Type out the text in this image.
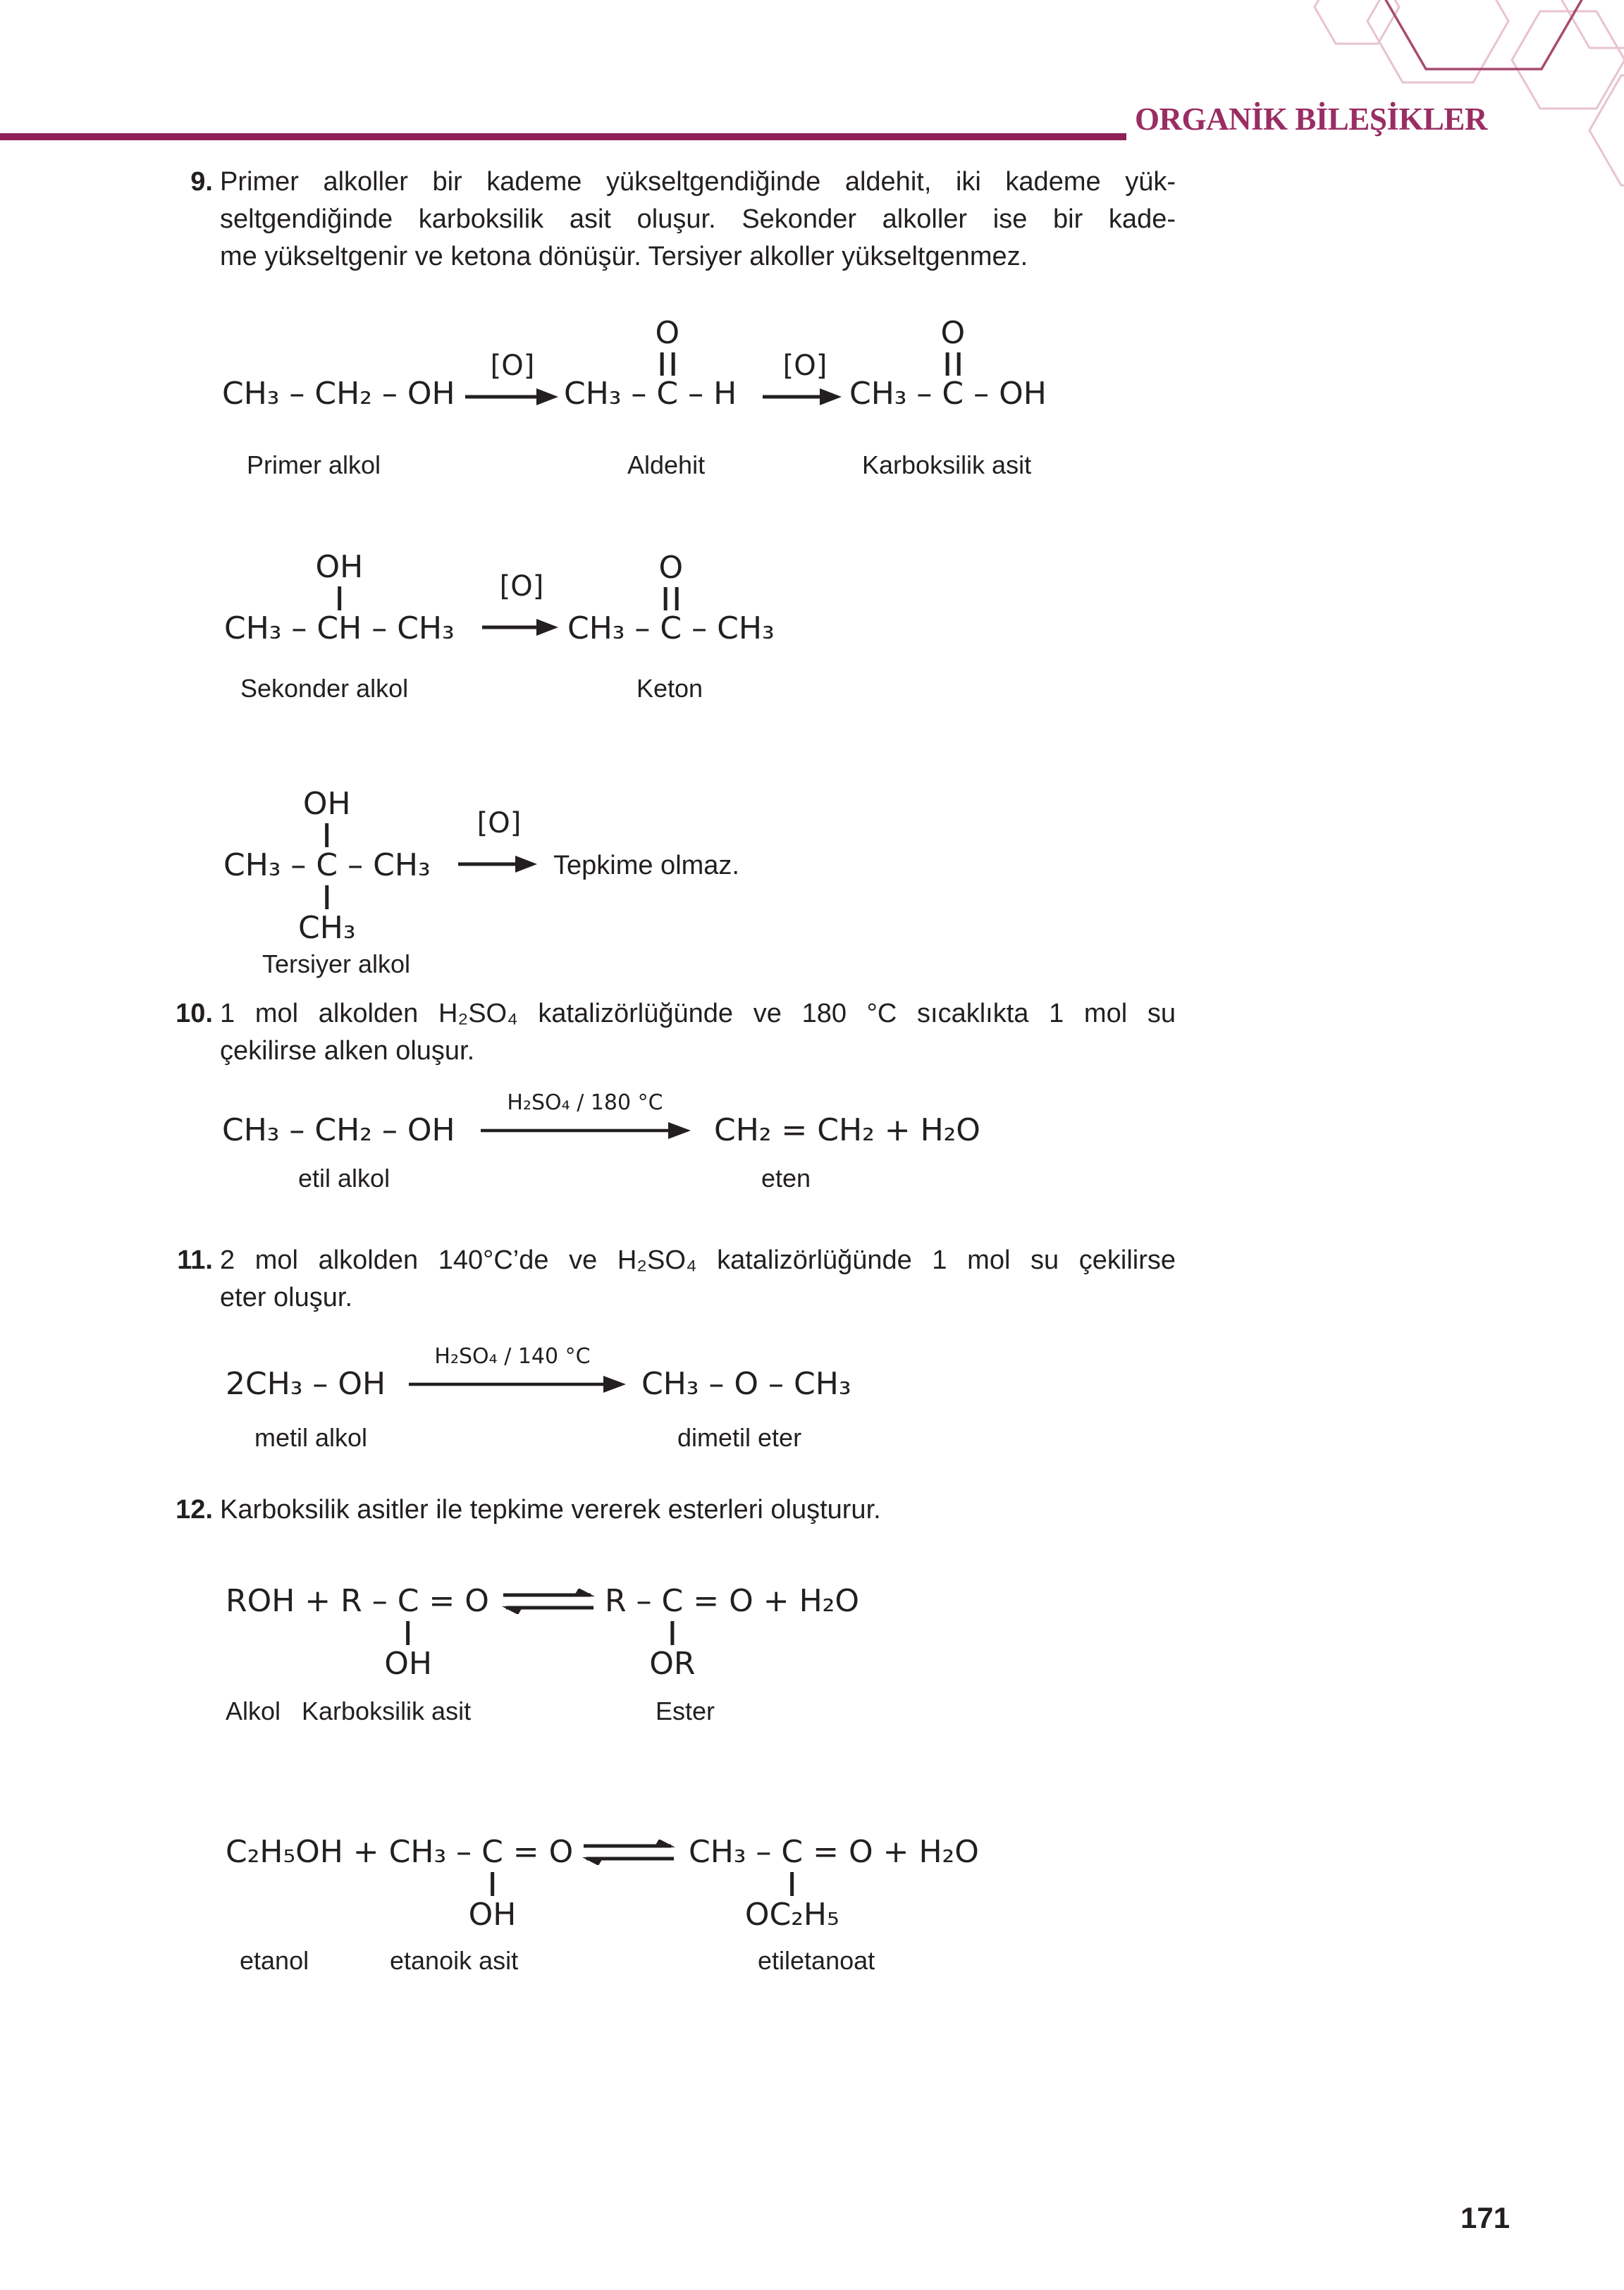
ORGANİK BİLEŞİKLER
9. Primer alkoller bir kademe yükseltgendiğinde aldehit, iki kademe yük-
seltgendiğinde karboksilik asit oluşur. Sekonder alkoller ise bir kade-
me yükseltgenir ve ketona dönüşür. Tersiyer alkoller yükseltgenmez.
CH₃ – CH₂ – OH
[O]
CH₃ –
O
C – H
[O]
CH₃ –
O
C – OH
Primer alkol	Aldehit	Karboksilik asit
CH₃ –
OH
CH – CH₃
[O]
CH₃ –
O
C – CH₃
Sekonder alkol	Keton
CH₃ –
OH
CH₃
C – CH₃
[O]
Tepkime olmaz.
Tersiyer alkol
10. 1 mol alkolden H₂SO₄ katalizörlüğünde ve 180 °C sıcaklıkta 1 mol su
çekilirse alken oluşur.
CH₃ – CH₂ – OH
H₂SO₄ / 180 °C
CH₂ = CH₂ + H₂O
etil alkol	eten
11. 2 mol alkolden 140°C’de ve H₂SO₄ katalizörlüğünde 1 mol su çekilirse
eter oluşur.
2CH₃ – OH
H₂SO₄ / 140 °C
CH₃ – O – CH₃
metil alkol	dimetil eter
12. Karboksilik asitler ile tepkime vererek esterleri oluşturur.
ROH + R –
OH
C = O	R –
OR
C = O + H₂O
Alkol Karboksilik asit	Ester
C₂H₅OH + CH₃ –
OH
C = O	CH₃ –
OC₂H₅
C = O + H₂O
etanol	etanoik asit	etiletanoat
171
